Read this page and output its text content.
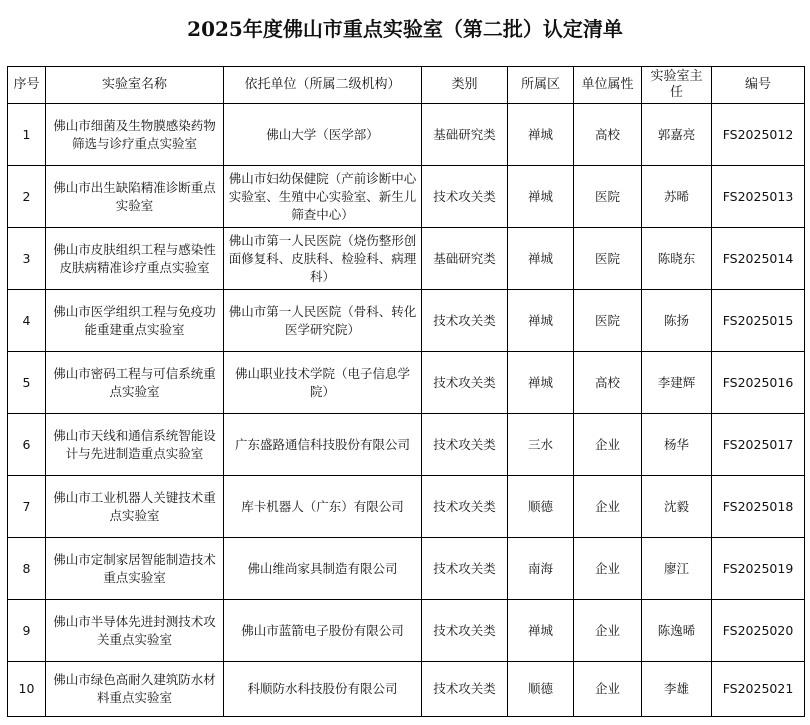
2025年度佛山市重点实验室（第二批）认定清单
序号	实验室名称	依托单位（所属二级机构）	类别	所属区	单位属性	实验室主任	编号
1	佛山市细菌及生物膜感染药物筛选与诊疗重点实验室	佛山大学（医学部）	基础研究类	禅城	高校	郭嘉亮	FS2025012
2	佛山市出生缺陷精准诊断重点实验室	佛山市妇幼保健院（产前诊断中心实验室、生殖中心实验室、新生儿筛查中心）	技术攻关类	禅城	医院	苏晞	FS2025013
3	佛山市皮肤组织工程与感染性皮肤病精准诊疗重点实验室	佛山市第一人民医院（烧伤整形创面修复科、皮肤科、检验科、病理科）	基础研究类	禅城	医院	陈晓东	FS2025014
4	佛山市医学组织工程与免疫功能重建重点实验室	佛山市第一人民医院（骨科、转化医学研究院）	技术攻关类	禅城	医院	陈扬	FS2025015
5	佛山市密码工程与可信系统重点实验室	佛山职业技术学院（电子信息学院）	技术攻关类	禅城	高校	李建辉	FS2025016
6	佛山市天线和通信系统智能设计与先进制造重点实验室	广东盛路通信科技股份有限公司	技术攻关类	三水	企业	杨华	FS2025017
7	佛山市工业机器人关键技术重点实验室	库卡机器人（广东）有限公司	技术攻关类	顺德	企业	沈毅	FS2025018
8	佛山市定制家居智能制造技术重点实验室	佛山维尚家具制造有限公司	技术攻关类	南海	企业	廖江	FS2025019
9	佛山市半导体先进封测技术攻关重点实验室	佛山市蓝箭电子股份有限公司	技术攻关类	禅城	企业	陈逸晞	FS2025020
10	佛山市绿色高耐久建筑防水材料重点实验室	科顺防水科技股份有限公司	技术攻关类	顺德	企业	李雄	FS2025021
